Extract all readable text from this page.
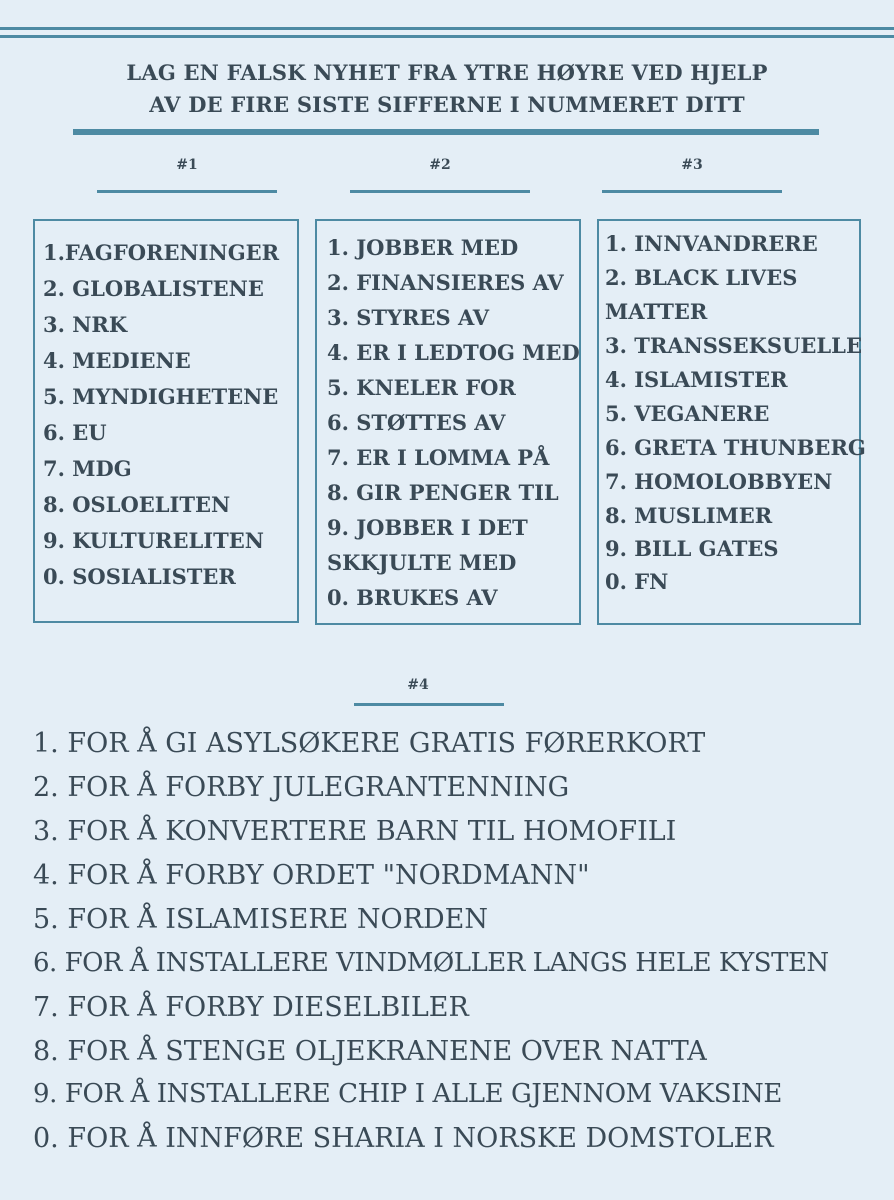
LAG EN FALSK NYHET FRA YTRE HØYRE VED HJELP
AV DE FIRE SISTE SIFFERNE I NUMMERET DITT
#1	#2	#3
1.FAGFORENINGER
2. GLOBALISTENE
3. NRK
4. MEDIENE
5. MYNDIGHETENE
6. EU
7. MDG
8. OSLOELITEN
9. KULTURELITEN
0. SOSIALISTER
1. JOBBER MED
2. FINANSIERES AV
3. STYRES AV
4. ER I LEDTOG MED
5. KNELER FOR
6. STØTTES AV
7. ER I LOMMA PÅ
8. GIR PENGER TIL
9. JOBBER I DET
SKKJULTE MED
0. BRUKES AV
1. INNVANDRERE
2. BLACK LIVES
MATTER
3. TRANSSEKSUELLE
4. ISLAMISTER
5. VEGANERE
6. GRETA THUNBERG
7. HOMOLOBBYEN
8. MUSLIMER
9. BILL GATES
0. FN
#4
1. FOR Å GI ASYLSØKERE GRATIS FØRERKORT
2. FOR Å FORBY JULEGRANTENNING
3. FOR Å KONVERTERE BARN TIL HOMOFILI
4. FOR Å FORBY ORDET "NORDMANN"
5. FOR Å ISLAMISERE NORDEN
6. FOR Å INSTALLERE VINDMØLLER LANGS HELE KYSTEN
7. FOR Å FORBY DIESELBILER
8. FOR Å STENGE OLJEKRANENE OVER NATTA
9. FOR Å INSTALLERE CHIP I ALLE GJENNOM VAKSINE
0. FOR Å INNFØRE SHARIA I NORSKE DOMSTOLER
